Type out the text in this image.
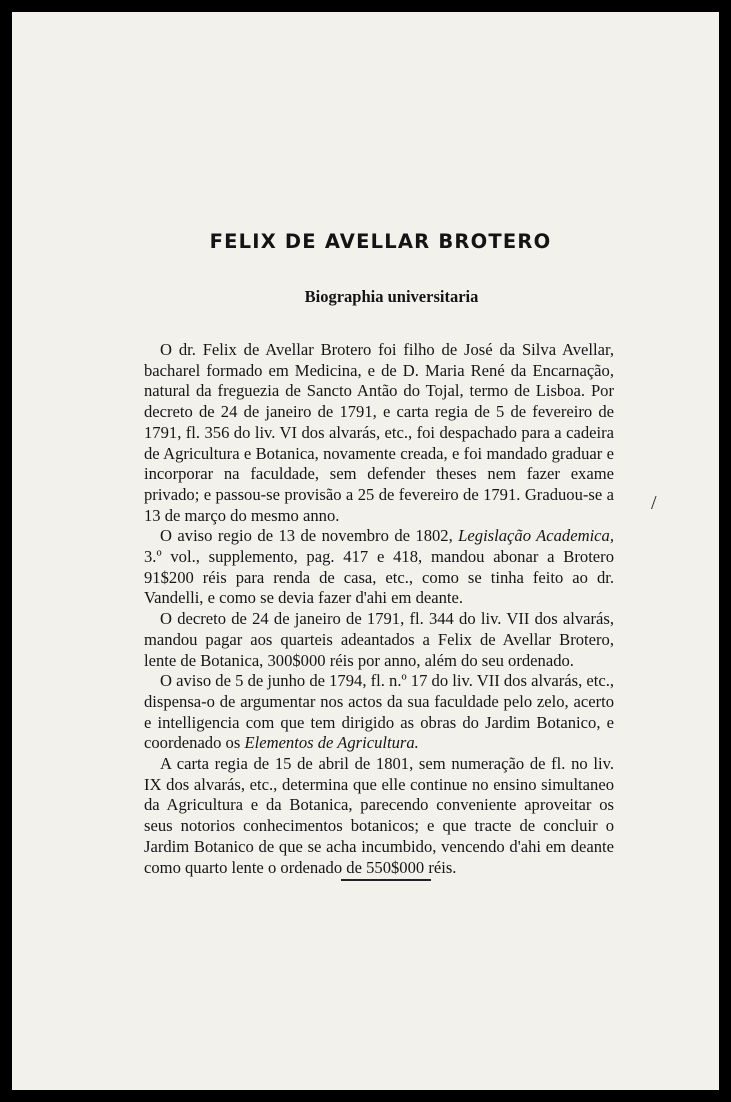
FELIX DE AVELLAR BROTERO
Biographia universitaria

O dr. Felix de Avellar Brotero foi filho de José da Silva Avellar, bacharel formado em Medicina, e de D. Maria René da Encarnação, natural da freguezia de Sancto Antão do Tojal, termo de Lisboa. Por decreto de 24 de janeiro de 1791, e carta regia de 5 de fevereiro de 1791, fl. 356 do liv. VI dos alvarás, etc., foi despachado para a cadeira de Agricultura e Botanica, novamente creada, e foi mandado graduar e incorporar na faculdade, sem defender theses nem fazer exame privado; e passou-se provisão a 25 de fevereiro de 1791. Graduou-se a 13 de março do mesmo anno.

O aviso regio de 13 de novembro de 1802, Legislação Academica, 3.º vol., supplemento, pag. 417 e 418, mandou abonar a Brotero 91$200 réis para renda de casa, etc., como se tinha feito ao dr. Vandelli, e como se devia fazer d'ahi em deante.

O decreto de 24 de janeiro de 1791, fl. 344 do liv. VII dos alvarás, mandou pagar aos quarteis adeantados a Felix de Avellar Brotero, lente de Botanica, 300$000 réis por anno, além do seu ordenado.

O aviso de 5 de junho de 1794, fl. n.º 17 do liv. VII dos alvarás, etc., dispensa-o de argumentar nos actos da sua faculdade pelo zelo, acerto e intelligencia com que tem dirigido as obras do Jardim Botanico, e coordenado os Elementos de Agricultura.

A carta regia de 15 de abril de 1801, sem numeração de fl. no liv. IX dos alvarás, etc., determina que elle continue no ensino simultaneo da Agricultura e da Botanica, parecendo conveniente aproveitar os seus notorios conhecimentos botanicos; e que tracte de concluir o Jardim Botanico de que se acha incumbido, vencendo d'ahi em deante como quarto lente o ordenado de 550$000 réis.

/
